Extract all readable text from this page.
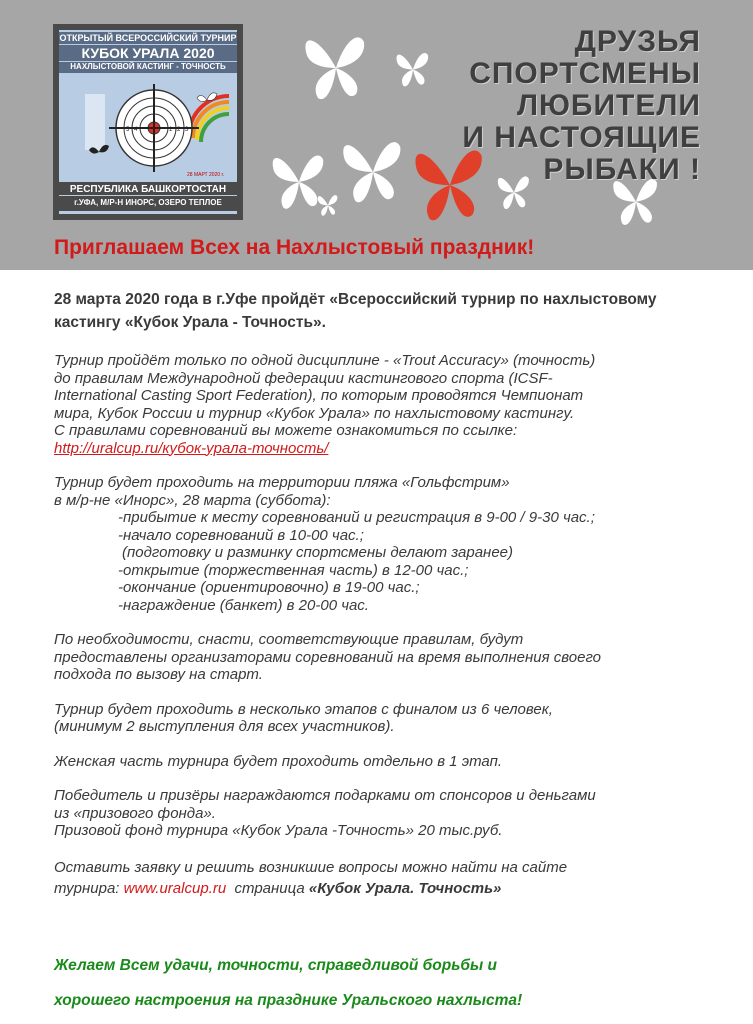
ОТКРЫТЫЙ ВСЕРОССИЙСКИЙ ТУРНИР
КУБОК УРАЛА 2020
НАХЛЫСТОВОЙ КАСТИНГ - ТОЧНОСТЬ
1 2 3
4
5
28 МАРТ 2020 г.
РЕСПУБЛИКА БАШКОРТОСТАН
г.УФА, М/Р-Н ИНОРС, ОЗЕРО ТЕПЛОЕ
ДРУЗЬЯ
СПОРТСМЕНЫ
ЛЮБИТЕЛИ
И НАСТОЯЩИЕ
РЫБАКИ !
Приглашаем Всех на Нахлыстовый праздник!

28 марта 2020 года в г.Уфе пройдёт «Всероссийский турнир по нахлыстовому кастингу «Кубок Урала - Точность».

Турнир пройдёт только по одной дисциплине - «Trout Accuracy» (точность)
до правилам Международной федерации кастингового спорта (ICSF-
International Casting Sport Federation), по которым проводятся Чемпионат
мира, Кубок России и турнир «Кубок Урала» по нахлыстовому кастингу.
С правилами соревнований вы можете ознакомиться по ссылке:
http://uralcup.ru/кубок-урала-точность/
Турнир будет проходить на территории пляжа «Гольфстрим»
в м/р-не «Инорс», 28 марта (суббота):
-прибытие к месту соревнований и регистрация в 9-00 / 9-30 час.;
-начало соревнований в 10-00 час.;
(подготовку и разминку спортсмены делают заранее)
-открытие (торжественная часть) в 12-00 час.;
-окончание (ориентировочно) в 19-00 час.;
-награждение (банкет) в 20-00 час.
По необходимости, снасти, соответствующие правилам, будут
предоставлены организаторами соревнований на время выполнения своего
подхода по вызову на старт.
Турнир будет проходить в несколько этапов с финалом из 6 человек,
(минимум 2 выступления для всех участников).
Женская часть турнира будет проходить отдельно в 1 этап.
Победитель и призёры награждаются подарками от спонсоров и деньгами
из «призового фонда».
Призовой фонд турнира «Кубок Урала -Точность» 20 тыс.руб.
Оставить заявку и решить возникшие вопросы можно найти на сайте
турнира: www.uralcup.ru  страница «Кубок Урала. Точность»
Желаем Всем удачи, точности, справедливой борьбы и
хорошего настроения на празднике Уральского нахлыста!
